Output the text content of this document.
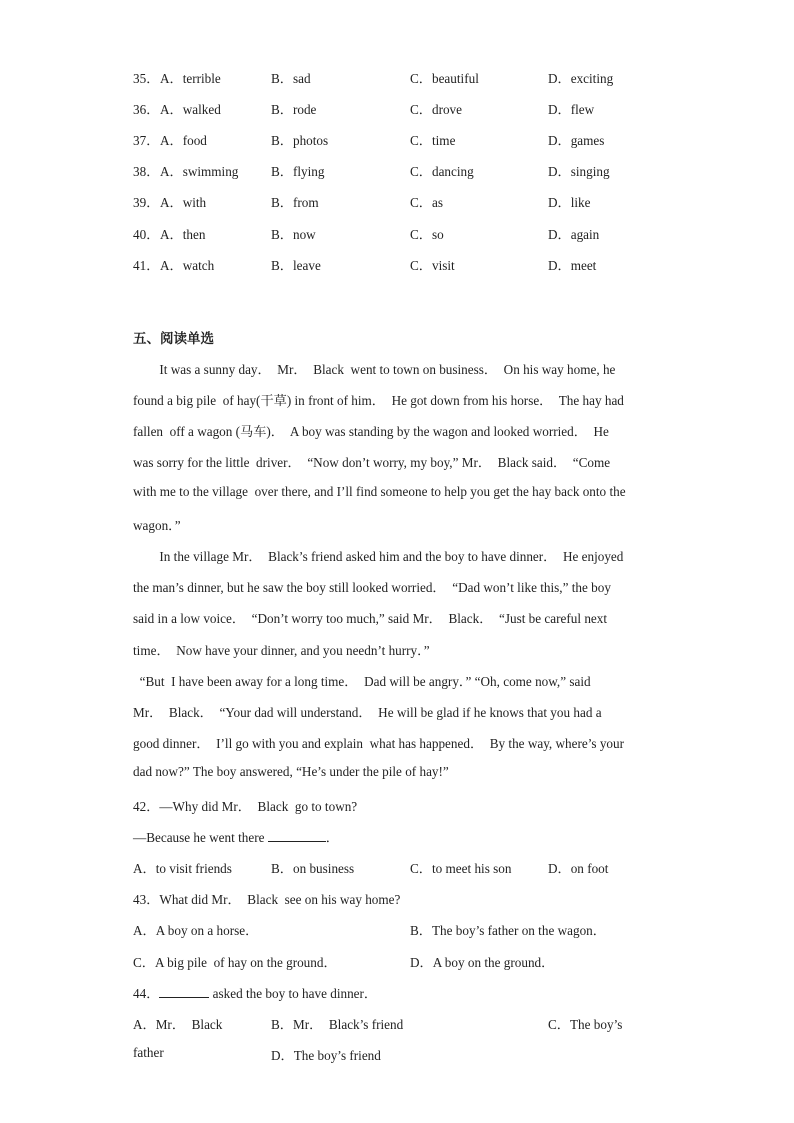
35． A．terrible	B．sad	C．beautiful	D．exciting
36． A．walked	B．rode	C．drove	D．flew
37． A．food	B．photos	C．time	D．games
38． A．swimming B．flying	C．dancing	D．singing
39． A．with	B．from	C．as	D．like
40． A．then	B．now	C．so	D．again
41． A．watch	B．leave	C．visit	D．meet
五、阅读单选
It was a sunny day．  Mr．  Black  went to town on business．  On his way home, he
found a big pile  of hay(干草) in front of him．  He got down from his horse．  The hay had
fallen  off a wagon (马车)．  A boy was standing by the wagon and looked worried．  He
was sorry for the little  driver．  “Now don’t worry, my boy,” Mr．  Black said．  “Come
with me to the village  over there, and I’ll find someone to help you get the hay back onto the
wagon．”
In the village Mr．  Black’s friend asked him and the boy to have dinner．  He enjoyed
the man’s dinner, but he saw the boy still looked worried．  “Dad won’t like this,” the boy
said in a low voice．  “Don’t worry too much,” said Mr．  Black．  “Just be careful next
time．  Now have your dinner, and you needn’t hurry．”
“But  I have been away for a long time．  Dad will be angry．” “Oh, come now,” said
Mr．  Black．  “Your dad will understand．  He will be glad if he knows that you had a
good dinner．  I’ll go with you and explain  what has happened．  By the way, where’s your
dad now?” The boy answered, “He’s under the pile of hay!”
42．—Why did Mr．  Black  go to town?
—Because he went there	．
A．to visit friends	B．on business	C．to meet his son	D．on foot
43．What did Mr．  Black  see on his way home?
A．A boy on a horse．	B．The boy’s father on the wagon．
C．A big pile  of hay on the ground．	D．A boy on the ground．
44．	asked the boy to have dinner．
A．Mr．  Black	B．Mr．  Black’s friend	C．The boy’s
father	D．The boy’s friend
